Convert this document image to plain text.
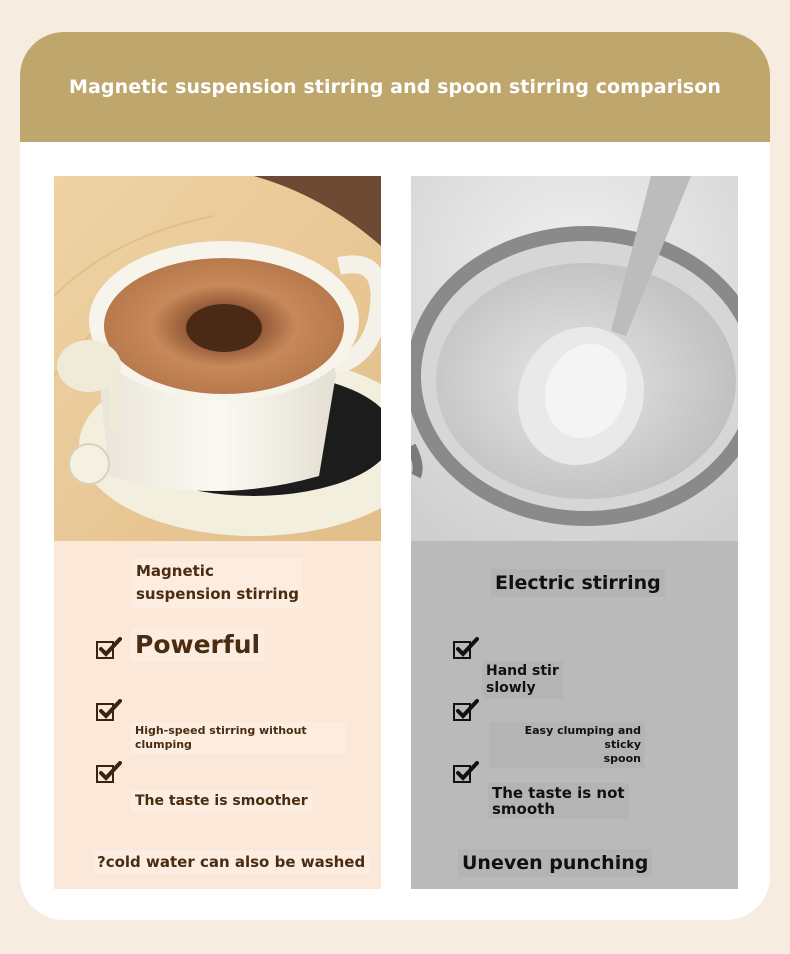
Magnetic suspension stirring and spoon stirring comparison
Magnetic
suspension stirring
Powerful
High-speed stirring without
clumping
The taste is smoother
?cold water can also be washed
Electric stirring
Hand stir
slowly
Easy clumping and sticky
spoon
The taste is not
smooth
Uneven punching
